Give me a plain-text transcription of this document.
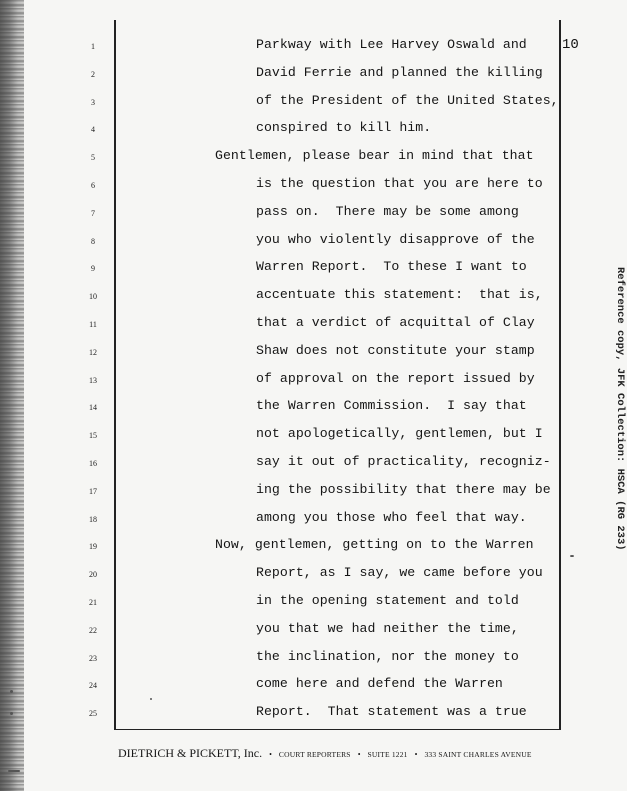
10
1	Parkway with Lee Harvey Oswald and
2	David Ferrie and planned the killing
3	of the President of the United States,
4	conspired to kill him.
5	Gentlemen, please bear in mind that that
6	is the question that you are here to
7	pass on.  There may be some among
8	you who violently disapprove of the
9	Warren Report.  To these I want to
10	accentuate this statement:  that is,
11	that a verdict of acquittal of Clay
12	Shaw does not constitute your stamp
13	of approval on the report issued by
14	the Warren Commission.  I say that
15	not apologetically, gentlemen, but I
16	say it out of practicality, recogniz-
17	ing the possibility that there may be
18	among you those who feel that way.
19	Now, gentlemen, getting on to the Warren
20	Report, as I say, we came before you
21	in the opening statement and told
22	you that we had neither the time,
23	the inclination, nor the money to
24	come here and defend the Warren
25	Report.  That statement was a true
Reference copy, JFK Collection: HSCA (RG 233)
DIETRICH & PICKETT, Inc. • COURT REPORTERS • SUITE 1221 • 333 SAINT CHARLES AVENUE
